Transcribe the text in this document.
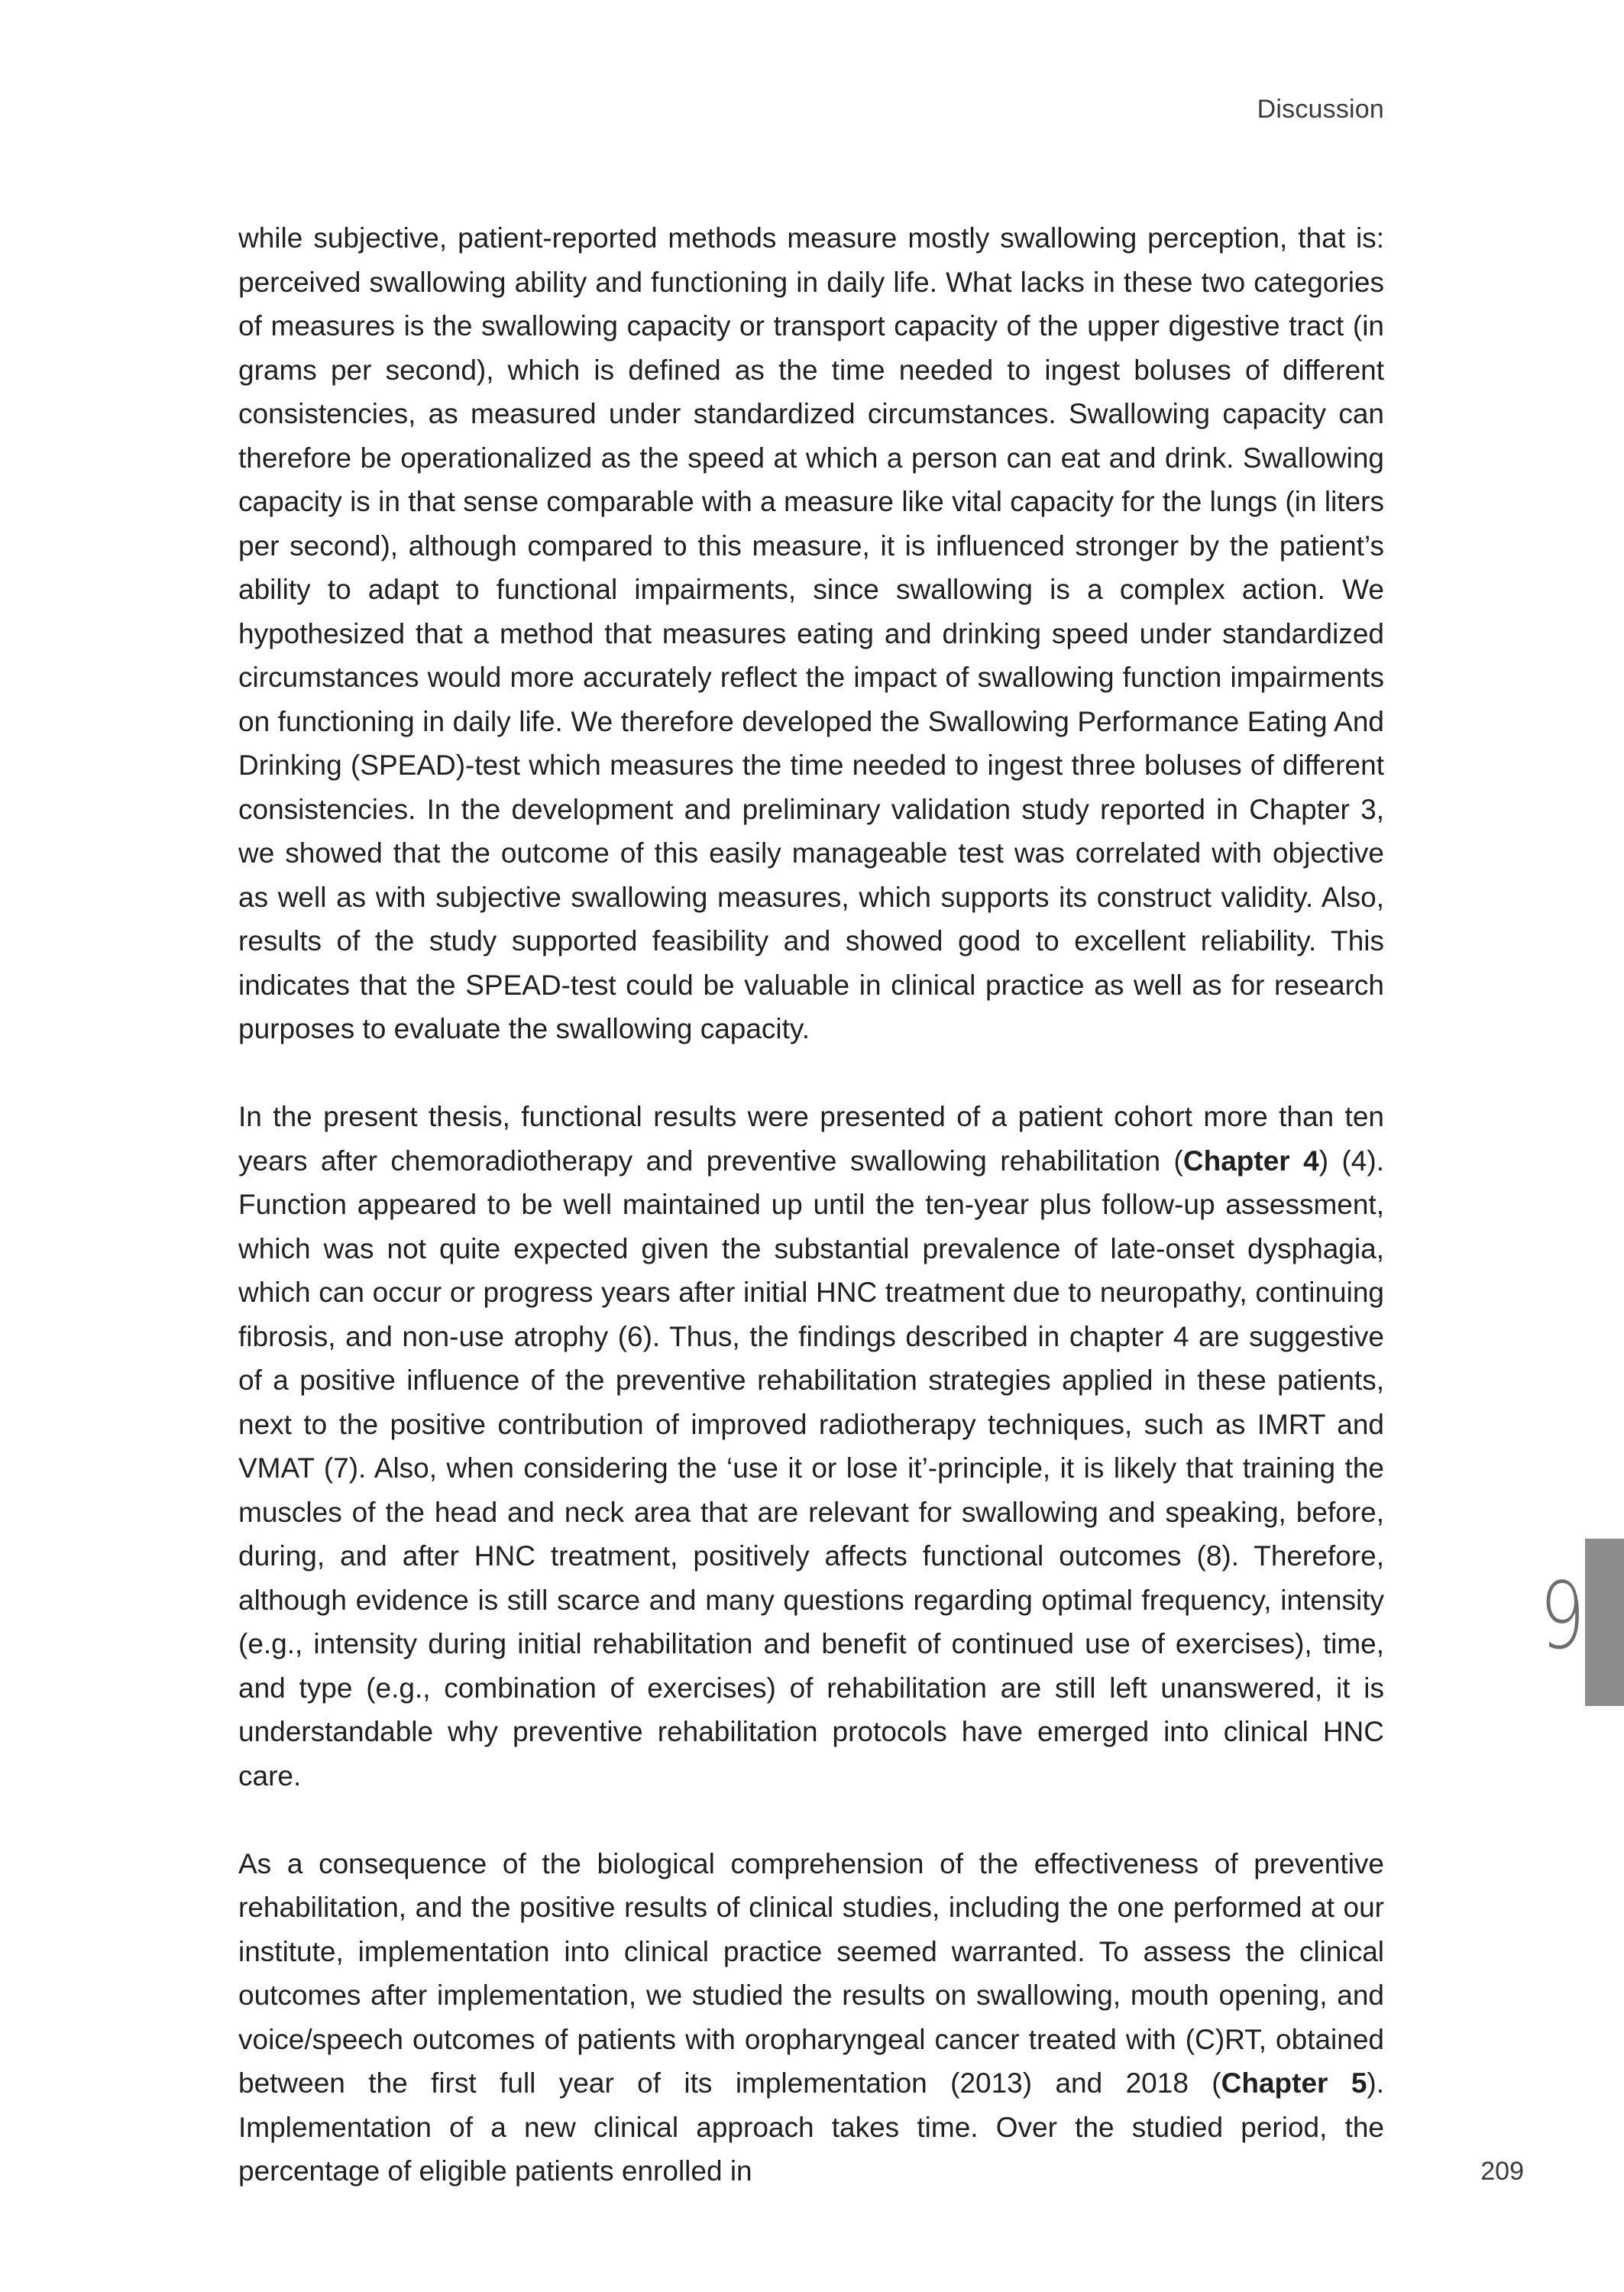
Discussion

while subjective, patient-reported methods measure mostly swallowing perception, that is: perceived swallowing ability and functioning in daily life. What lacks in these two categories of measures is the swallowing capacity or transport capacity of the upper digestive tract (in grams per second), which is defined as the time needed to ingest boluses of different consistencies, as measured under standardized circumstances. Swallowing capacity can therefore be operationalized as the speed at which a person can eat and drink. Swallowing capacity is in that sense comparable with a measure like vital capacity for the lungs (in liters per second), although compared to this measure, it is influenced stronger by the patient’s ability to adapt to functional impairments, since swallowing is a complex action. We hypothesized that a method that measures eating and drinking speed under standardized circumstances would more accurately reflect the impact of swallowing function impairments on functioning in daily life. We therefore developed the Swallowing Performance Eating And Drinking (SPEAD)-test which measures the time needed to ingest three boluses of different consistencies. In the development and preliminary validation study reported in Chapter 3, we showed that the outcome of this easily manageable test was correlated with objective as well as with subjective swallowing measures, which supports its construct validity. Also, results of the study supported feasibility and showed good to excellent reliability. This indicates that the SPEAD-test could be valuable in clinical practice as well as for research purposes to evaluate the swallowing capacity.

In the present thesis, functional results were presented of a patient cohort more than ten years after chemoradiotherapy and preventive swallowing rehabilitation (Chapter 4) (4). Function appeared to be well maintained up until the ten-year plus follow-up assessment, which was not quite expected given the substantial prevalence of late-onset dysphagia, which can occur or progress years after initial HNC treatment due to neuropathy, continuing fibrosis, and non-use atrophy (6). Thus, the findings described in chapter 4 are suggestive of a positive influence of the preventive rehabilitation strategies applied in these patients, next to the positive contribution of improved radiotherapy techniques, such as IMRT and VMAT (7). Also, when considering the ‘use it or lose it’-principle, it is likely that training the muscles of the head and neck area that are relevant for swallowing and speaking, before, during, and after HNC treatment, positively affects functional outcomes (8). Therefore, although evidence is still scarce and many questions regarding optimal frequency, intensity (e.g., intensity during initial rehabilitation and benefit of continued use of exercises), time, and type (e.g., combination of exercises) of rehabilitation are still left unanswered, it is understandable why preventive rehabilitation protocols have emerged into clinical HNC care.

As a consequence of the biological comprehension of the effectiveness of preventive rehabilitation, and the positive results of clinical studies, including the one performed at our institute, implementation into clinical practice seemed warranted. To assess the clinical outcomes after implementation, we studied the results on swallowing, mouth opening, and voice/speech outcomes of patients with oropharyngeal cancer treated with (C)RT, obtained between the first full year of its implementation (2013) and 2018 (Chapter 5). Implementation of a new clinical approach takes time. Over the studied period, the percentage of eligible patients enrolled in

9
209
